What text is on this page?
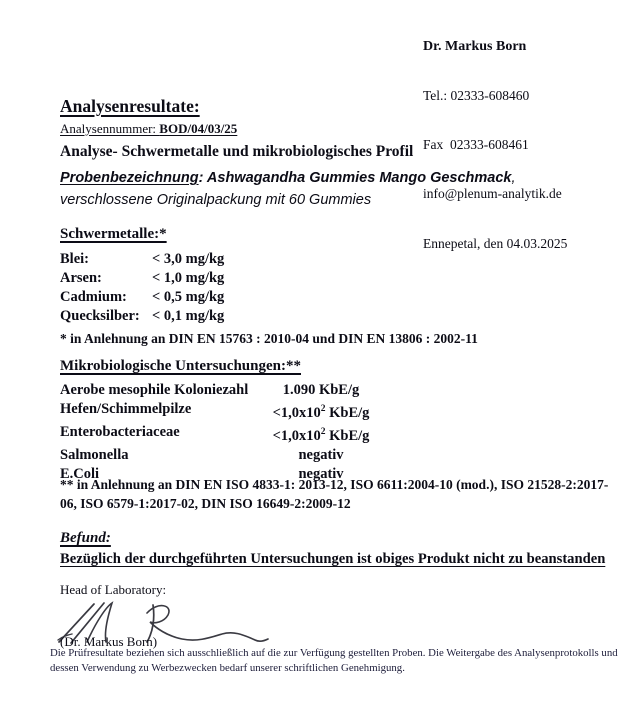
Dr. Markus Born

Tel.: 02333-608460

Fax  02333-608461

info@plenum-analytik.de

Ennepetal, den 04.03.2025

Analysenresultate:
Analysennummer: BOD/04/03/25
Analyse- Schwermetalle und mikrobiologisches Profil
Probenbezeichnung: Ashwagandha Gummies Mango Geschmack, verschlossene Originalpackung mit 60 Gummies
Schwermetalle:*
Blei:	< 3,0 mg/kg
Arsen:	< 1,0 mg/kg
Cadmium:	< 0,5 mg/kg
Quecksilber: < 0,1 mg/kg
* in Anlehnung an DIN EN 15763 : 2010-04 und DIN EN 13806 : 2002-11
Mikrobiologische Untersuchungen:**
Aerobe mesophile Koloniezahl	1.090 KbE/g
Hefen/Schimmelpilze	$<1,0x10^2$ KbE/g
Enterobacteriaceae	$<1,0x10^2$ KbE/g
Salmonella	negativ
E.Coli	negativ
** in Anlehnung an DIN EN ISO 4833-1: 2013-12, ISO 6611:2004-10 (mod.), ISO 21528-2:2017-06, ISO 6579-1:2017-02, DIN ISO 16649-2:2009-12
Befund:
Bezüglich der durchgeführten Untersuchungen ist obiges Produkt nicht zu beanstanden
Head of Laboratory:
(Dr. Markus Born)
Die Prüfresultate beziehen sich ausschließlich auf die zur Verfügung gestellten Proben. Die Weitergabe des Analysenprotokolls und dessen Verwendung zu Werbezwecken bedarf unserer schriftlichen Genehmigung.
